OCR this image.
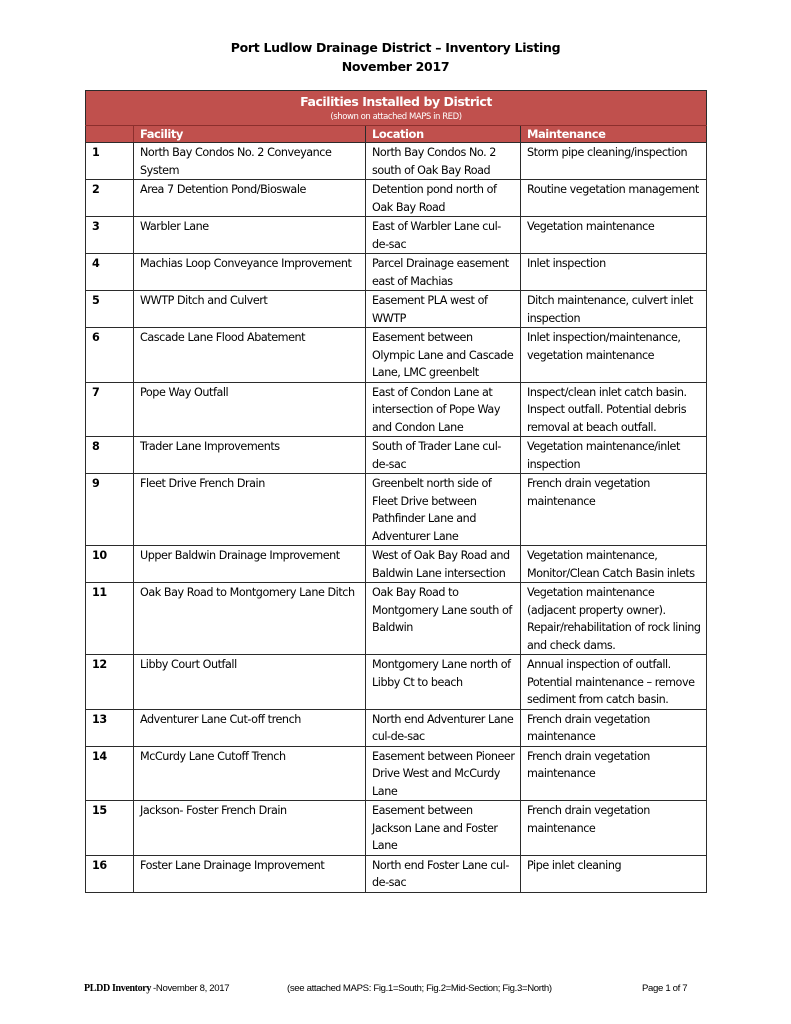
Port Ludlow Drainage District – Inventory Listing
November 2017
Facilities Installed by District
(shown on attached MAPS in RED)			

	Facility	Location	Maintenance
1	North Bay Condos No. 2 Conveyance System	North Bay Condos No. 2 south of Oak Bay Road	Storm pipe cleaning/inspection
2	Area 7 Detention Pond/Bioswale	Detention pond north of Oak Bay Road	Routine vegetation management
3	Warbler Lane	East of Warbler Lane cul-de-sac	Vegetation maintenance
4	Machias Loop Conveyance Improvement	Parcel Drainage easement east of Machias	Inlet inspection
5	WWTP Ditch and Culvert	Easement PLA west of WWTP	Ditch maintenance, culvert inlet inspection
6	Cascade Lane Flood Abatement	Easement between Olympic Lane and Cascade Lane, LMC greenbelt	Inlet inspection/maintenance, vegetation maintenance
7	Pope Way Outfall	East of Condon Lane at intersection of Pope Way and Condon Lane	Inspect/clean inlet catch basin. Inspect outfall. Potential debris removal at beach outfall.
8	Trader Lane Improvements	South of Trader Lane cul-de-sac	Vegetation maintenance/inlet inspection
9	Fleet Drive French Drain	Greenbelt north side of Fleet Drive between Pathfinder Lane and Adventurer Lane	French drain vegetation maintenance
10	Upper Baldwin Drainage Improvement	West of Oak Bay Road and Baldwin Lane intersection	Vegetation maintenance, Monitor/Clean Catch Basin inlets
11	Oak Bay Road to Montgomery Lane Ditch	Oak Bay Road to Montgomery Lane south of Baldwin	Vegetation maintenance (adjacent property owner). Repair/rehabilitation of rock lining and check dams.
12	Libby Court Outfall	Montgomery Lane north of Libby Ct to beach	Annual inspection of outfall. Potential maintenance – remove sediment from catch basin.
13	Adventurer Lane Cut-off trench	North end Adventurer Lane cul-de-sac	French drain vegetation maintenance
14	McCurdy Lane Cutoff Trench	Easement between Pioneer Drive West and McCurdy Lane	French drain vegetation maintenance
15	Jackson- Foster French Drain	Easement between Jackson Lane and Foster Lane	French drain vegetation maintenance
16	Foster Lane Drainage Improvement	North end Foster Lane cul-de-sac	Pipe inlet cleaning
PLDD Inventory -November 8, 2017	(see attached MAPS: Fig.1=South; Fig.2=Mid-Section; Fig.3=North)	Page 1 of 7
